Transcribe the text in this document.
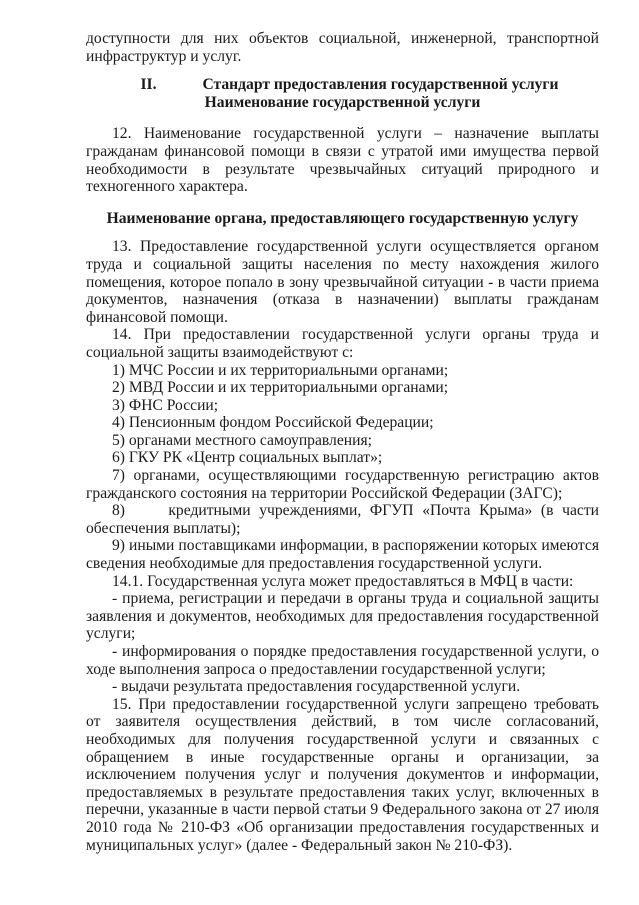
доступности для них объектов социальной, инженерной, транспортной инфраструктур и услуг.

II.	Стандарт предоставления государственной услуги
Наименование государственной услуги

12. Наименование государственной услуги – назначение выплаты гражданам финансовой помощи в связи с утратой ими имущества первой необходимости в результате чрезвычайных ситуаций природного и техногенного характера.

Наименование органа, предоставляющего государственную услугу

13. Предоставление государственной услуги осуществляется органом труда и социальной защиты населения по месту нахождения жилого помещения, которое попало в зону чрезвычайной ситуации - в части приема документов, назначения (отказа в назначении) выплаты гражданам финансовой помощи.

14. При предоставлении государственной услуги органы труда и социальной защиты взаимодействуют с:

1) МЧС России и их территориальными органами;

2) МВД России и их территориальными органами;

3) ФНС России;

4) Пенсионным фондом Российской Федерации;

5) органами местного самоуправления;

6) ГКУ РК «Центр социальных выплат»;

7) органами, осуществляющими государственную регистрацию актов гражданского состояния на территории Российской Федерации (ЗАГС);

8)     кредитными учреждениями, ФГУП «Почта Крыма» (в части обеспечения выплаты);

9) иными поставщиками информации, в распоряжении которых имеются сведения необходимые для предоставления государственной услуги.

14.1. Государственная услуга может предоставляться в МФЦ в части:

- приема, регистрации и передачи в органы труда и социальной защиты заявления и документов, необходимых для предоставления государственной услуги;

- информирования о порядке предоставления государственной услуги, о ходе выполнения запроса о предоставлении государственной услуги;

- выдачи результата предоставления государственной услуги.

15. При предоставлении государственной услуги запрещено требовать от заявителя осуществления действий, в том числе согласований, необходимых для получения государственной услуги и связанных с обращением в иные государственные органы и организации, за исключением получения услуг и получения документов и информации, предоставляемых в результате предоставления таких услуг, включенных в перечни, указанные в части первой статьи 9 Федерального закона от 27 июля 2010 года № 210-ФЗ «Об организации предоставления государственных и муниципальных услуг» (далее - Федеральный закон № 210-ФЗ).
